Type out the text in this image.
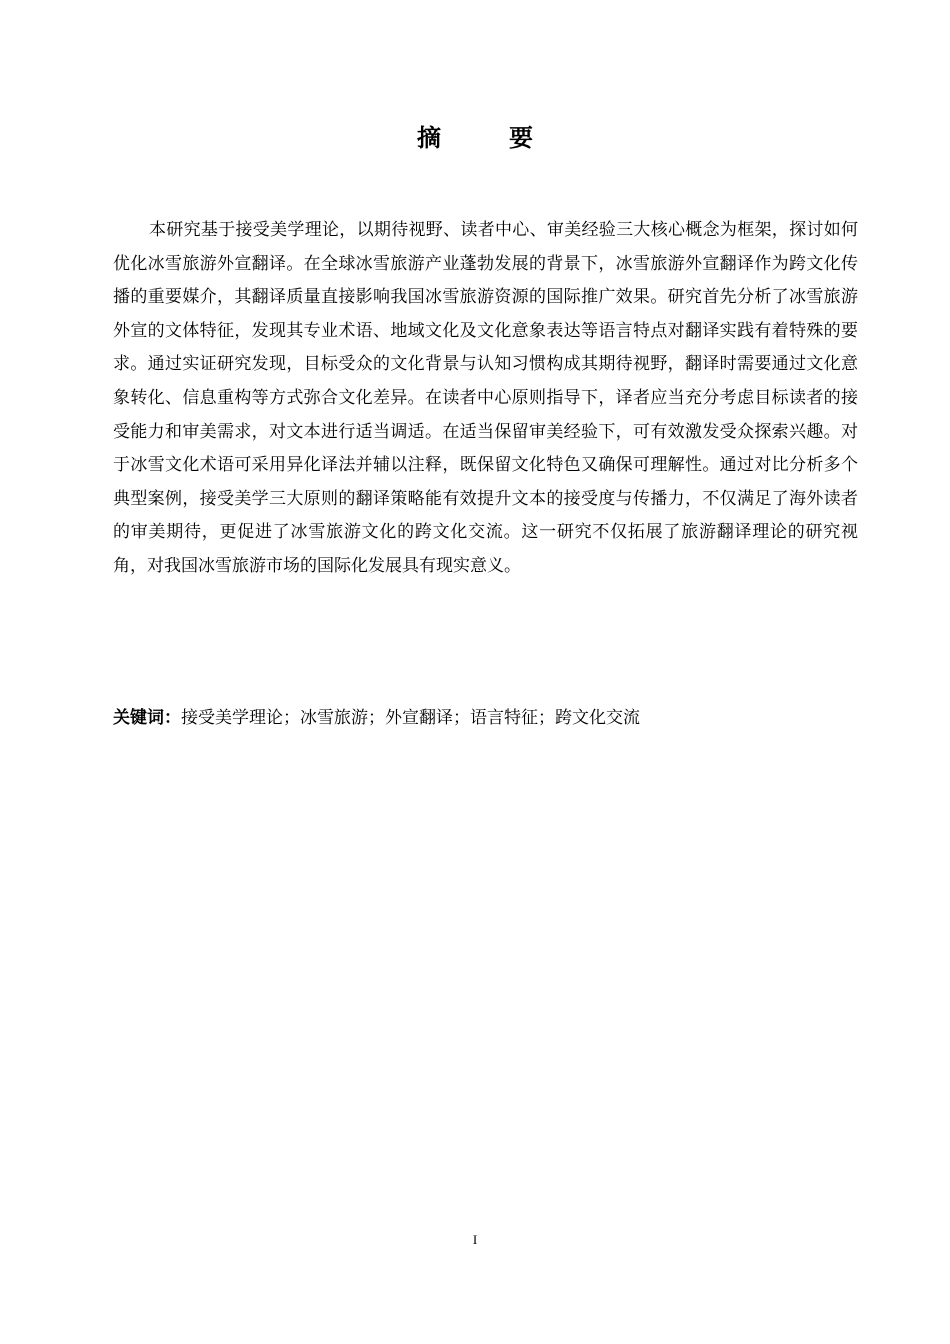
摘　要

本研究基于接受美学理论，以期待视野、读者中心、审美经验三大核心概念为框架，探讨如何优化冰雪旅游外宣翻译。在全球冰雪旅游产业蓬勃发展的背景下，冰雪旅游外宣翻译作为跨文化传播的重要媒介，其翻译质量直接影响我国冰雪旅游资源的国际推广效果。研究首先分析了冰雪旅游外宣的文体特征，发现其专业术语、地域文化及文化意象表达等语言特点对翻译实践有着特殊的要求。通过实证研究发现，目标受众的文化背景与认知习惯构成其期待视野，翻译时需要通过文化意象转化、信息重构等方式弥合文化差异。在读者中心原则指导下，译者应当充分考虑目标读者的接受能力和审美需求，对文本进行适当调适。在适当保留审美经验下，可有效激发受众探索兴趣。对于冰雪文化术语可采用异化译法并辅以注释，既保留文化特色又确保可理解性。通过对比分析多个典型案例，接受美学三大原则的翻译策略能有效提升文本的接受度与传播力，不仅满足了海外读者的审美期待，更促进了冰雪旅游文化的跨文化交流。这一研究不仅拓展了旅游翻译理论的研究视角，对我国冰雪旅游市场的国际化发展具有现实意义。

关键词：接受美学理论；冰雪旅游；外宣翻译；语言特征；跨文化交流

I
